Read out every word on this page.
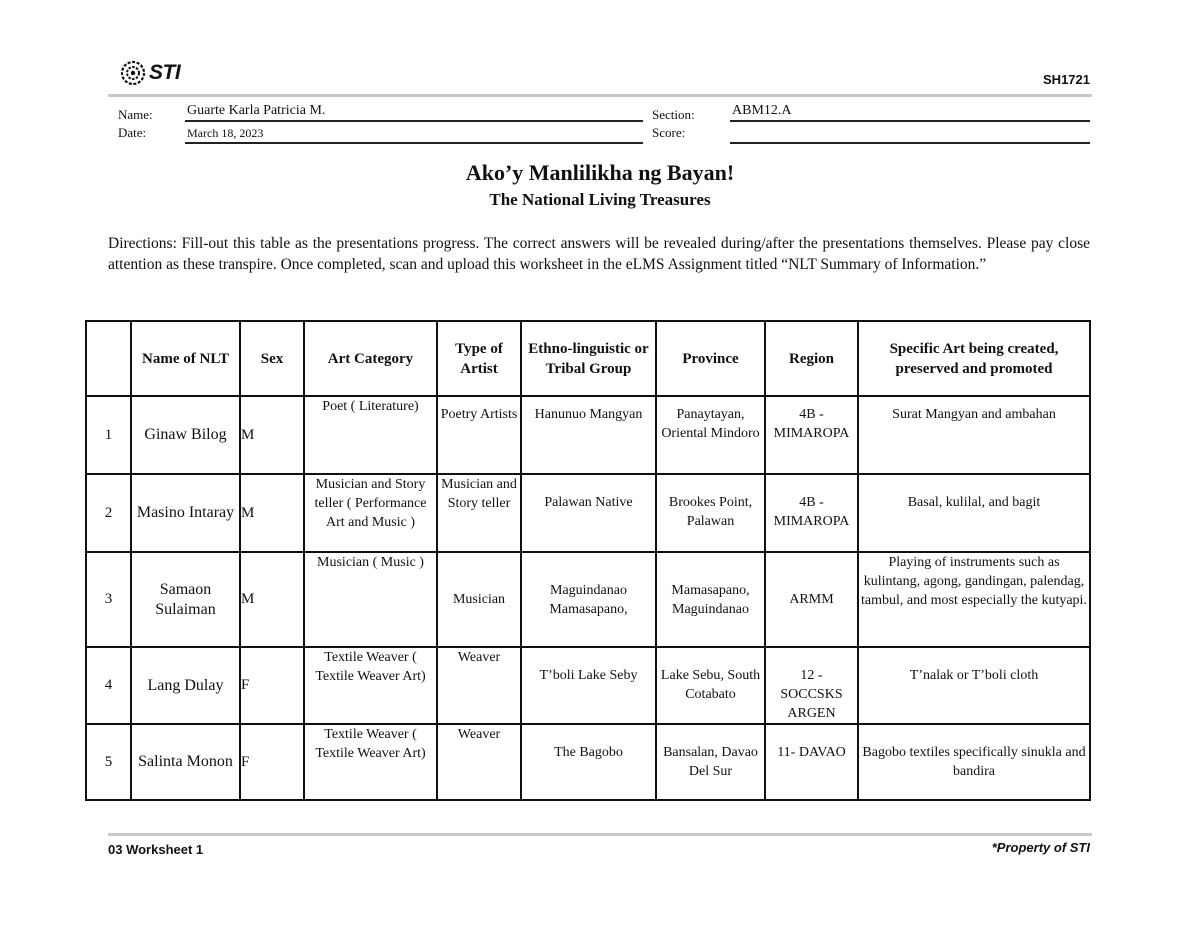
STI	SH1721
Name: Guarte Karla Patricia M.
Date:	March 18, 2023
Section:	ABM12.A
Score:
Ako’y Manlilikha ng Bayan!
The National Living Treasures
Directions: Fill-out this table as the presentations progress. The correct answers will be revealed during/after the presentations themselves. Please pay close attention as these transpire. Once completed, scan and upload this worksheet in the eLMS Assignment titled “NLT Summary of Information.”
	Name of NLT	Sex	Art Category	Type of Artist	Ethno-linguistic or Tribal Group	Province	Region	Specific Art being created, preserved and promoted
1	Ginaw Bilog	M	Poet ( Literature)	Poetry Artists	Hanunuo Mangyan	Panaytayan, Oriental Mindoro	4B - MIMAROPA	Surat Mangyan and ambahan
2	Masino Intaray	M	Musician and Story teller ( Performance Art and Music )	Musician and Story teller	Palawan Native	Brookes Point, Palawan	4B - MIMAROPA	Basal, kulilal, and bagit
3	Samaon Sulaiman	M	Musician ( Music )	Musician	Maguindanao Mamasapano,	Mamasapano, Maguindanao	ARMM	Playing of instruments such as kulintang, agong, gandingan, palendag, tambul, and most especially the kutyapi.
4	Lang Dulay	F	Textile Weaver ( Textile Weaver Art)	Weaver	T’boli Lake Seby	Lake Sebu, South Cotabato	12 - SOCCSKS ARGEN	T’nalak or T’boli cloth
5	Salinta Monon	F	Textile Weaver ( Textile Weaver Art)	Weaver	The Bagobo	Bansalan, Davao Del Sur	11- DAVAO	Bagobo textiles specifically sinukla and bandira
03 Worksheet 1	*Property of STI
